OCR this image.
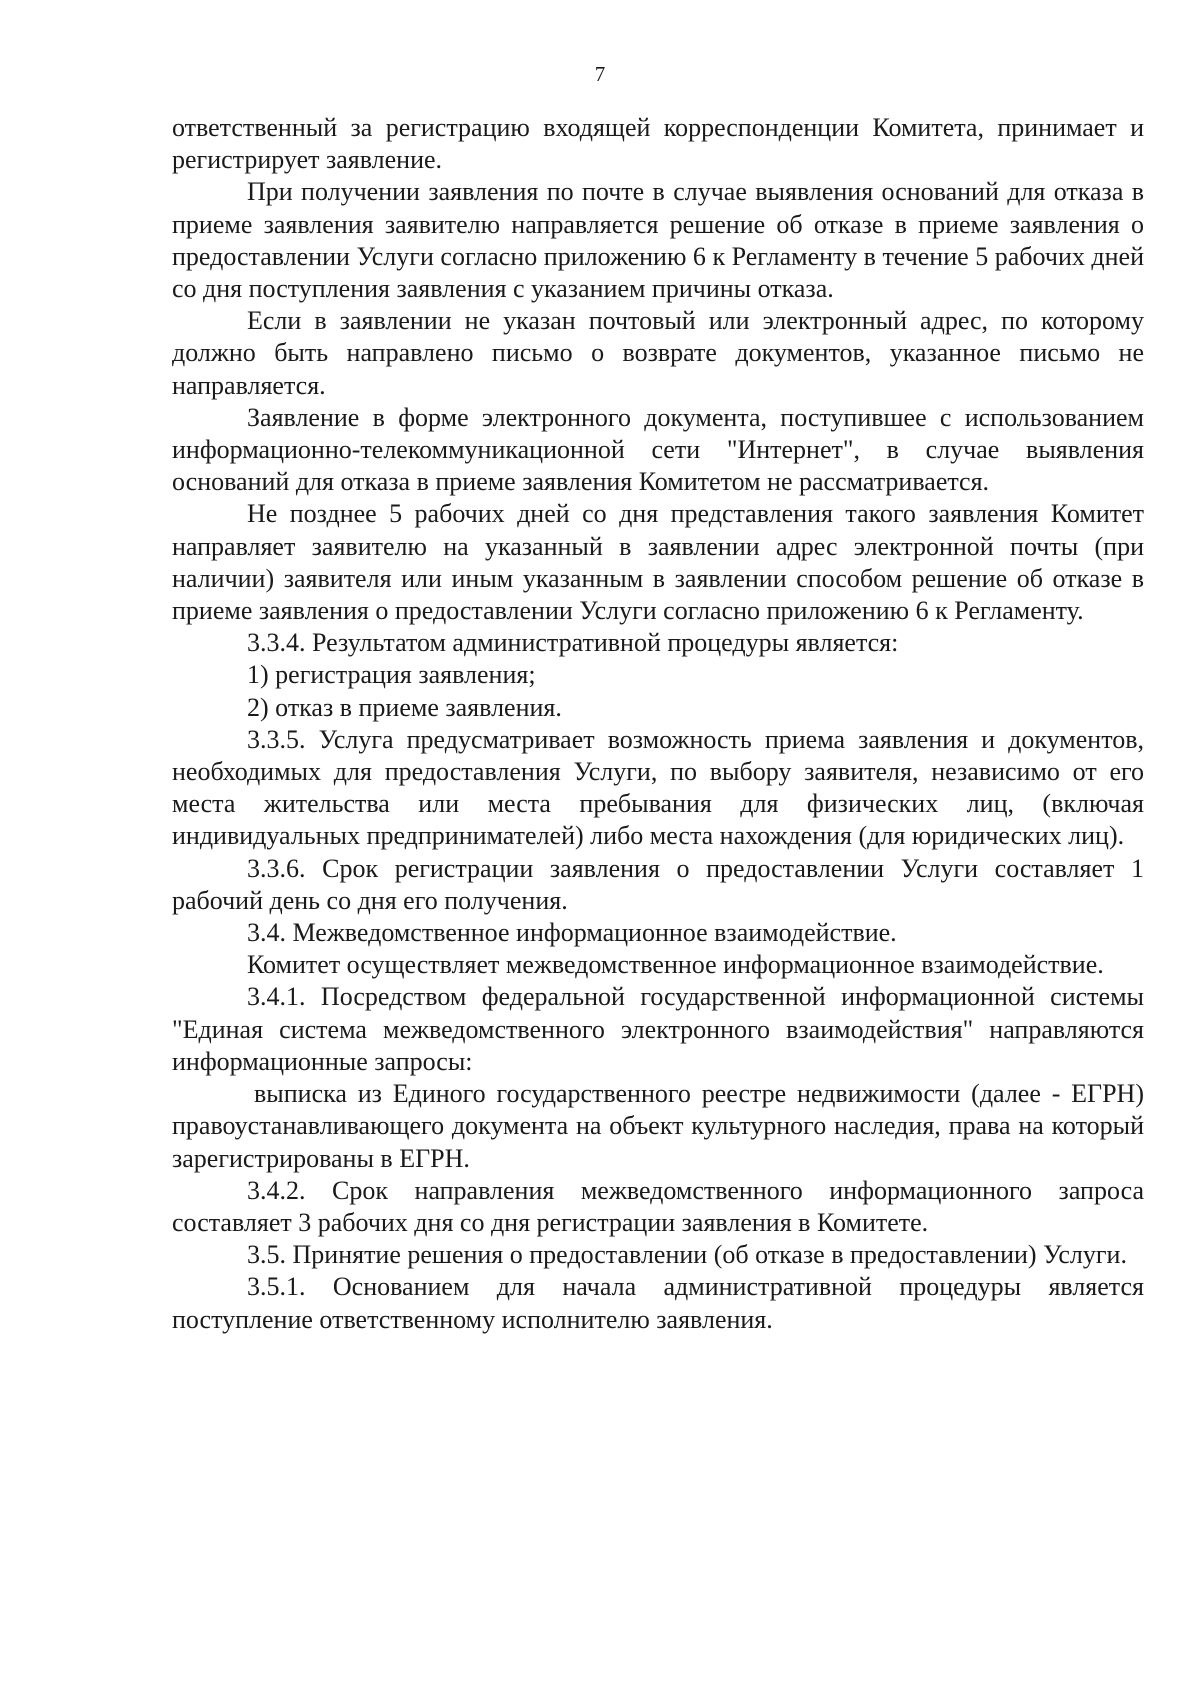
7

ответственный за регистрацию входящей корреспонденции Комитета, принимает и регистрирует заявление.

При получении заявления по почте в случае выявления оснований для отказа в приеме заявления заявителю направляется решение об отказе в приеме заявления о предоставлении Услуги согласно приложению 6 к Регламенту в течение 5 рабочих дней со дня поступления заявления с указанием причины отказа.

Если в заявлении не указан почтовый или электронный адрес, по которому должно быть направлено письмо о возврате документов, указанное письмо не направляется.

Заявление в форме электронного документа, поступившее с использованием информационно-телекоммуникационной сети "Интернет", в случае выявления оснований для отказа в приеме заявления Комитетом не рассматривается.

Не позднее 5 рабочих дней со дня представления такого заявления Комитет направляет заявителю на указанный в заявлении адрес электронной почты (при наличии) заявителя или иным указанным в заявлении способом решение об отказе в приеме заявления о предоставлении Услуги согласно приложению 6 к Регламенту.

3.3.4. Результатом административной процедуры является:

1) регистрация заявления;

2) отказ в приеме заявления.

3.3.5. Услуга предусматривает возможность приема заявления и документов, необходимых для предоставления Услуги, по выбору заявителя, независимо от его места жительства или места пребывания для физических лиц, (включая индивидуальных предпринимателей) либо места нахождения (для юридических лиц).

3.3.6. Срок регистрации заявления о предоставлении Услуги составляет 1 рабочий день со дня его получения.

3.4. Межведомственное информационное взаимодействие.

Комитет осуществляет межведомственное информационное взаимодействие.

3.4.1. Посредством федеральной государственной информационной системы "Единая система межведомственного электронного взаимодействия" направляются информационные запросы:

выписка из Единого государственного реестре недвижимости (далее - ЕГРН) правоустанавливающего документа на объект культурного наследия, права на который зарегистрированы в ЕГРН.

3.4.2. Срок направления межведомственного информационного запроса составляет 3 рабочих дня со дня регистрации заявления в Комитете.

3.5. Принятие решения о предоставлении (об отказе в предоставлении) Услуги.

3.5.1. Основанием для начала административной процедуры является поступление ответственному исполнителю заявления.
